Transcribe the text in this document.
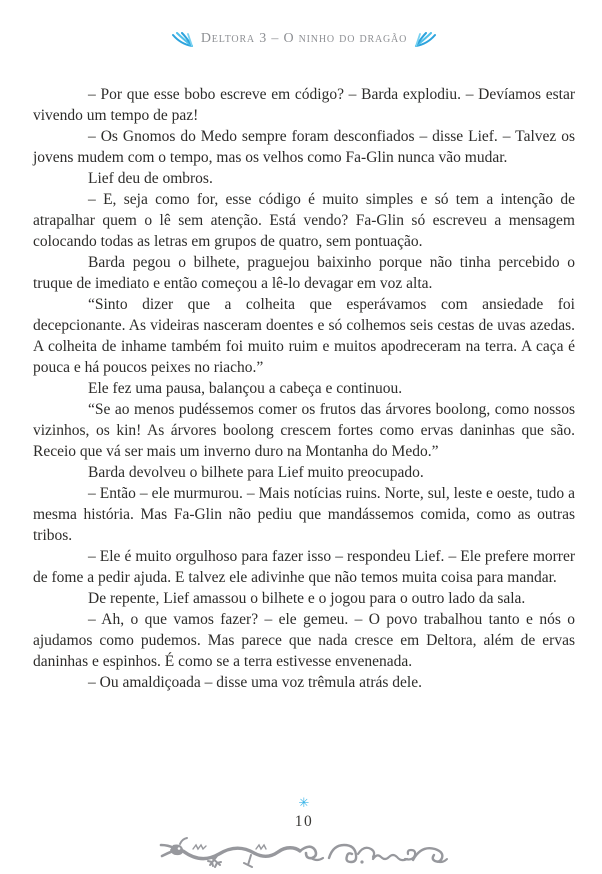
Deltora 3 – O ninho do dragão

– Por que esse bobo escreve em código? – Barda explodiu. – Devíamos estar vivendo um tempo de paz!

– Os Gnomos do Medo sempre foram desconfiados – disse Lief. – Talvez os jovens mudem com o tempo, mas os velhos como Fa-Glin nunca vão mudar.

Lief deu de ombros.

– E, seja como for, esse código é muito simples e só tem a intenção de atrapalhar quem o lê sem atenção. Está vendo? Fa-Glin só escreveu a mensagem colocando todas as letras em grupos de quatro, sem pontuação.

Barda pegou o bilhete, praguejou baixinho porque não tinha percebido o truque de imediato e então começou a lê-lo devagar em voz alta.

“Sinto dizer que a colheita que esperávamos com ansiedade foi decepcionante. As videiras nasceram doentes e só colhemos seis cestas de uvas azedas. A colheita de inhame também foi muito ruim e muitos apodreceram na terra. A caça é pouca e há poucos peixes no riacho.”

Ele fez uma pausa, balançou a cabeça e continuou.

“Se ao menos pudéssemos comer os frutos das árvores boolong, como nossos vizinhos, os kin! As árvores boolong crescem fortes como ervas daninhas que são. Receio que vá ser mais um inverno duro na Montanha do Medo.”

Barda devolveu o bilhete para Lief muito preocupado.

– Então – ele murmurou. – Mais notícias ruins. Norte, sul, leste e oeste, tudo a mesma história. Mas Fa-Glin não pediu que mandássemos comida, como as outras tribos.

– Ele é muito orgulhoso para fazer isso – respondeu Lief. – Ele prefere morrer de fome a pedir ajuda. E talvez ele adivinhe que não temos muita coisa para mandar.

De repente, Lief amassou o bilhete e o jogou para o outro lado da sala.

– Ah, o que vamos fazer? – ele gemeu. – O povo trabalhou tanto e nós o ajudamos como pudemos. Mas parece que nada cresce em Deltora, além de ervas daninhas e espinhos. É como se a terra estivesse envenenada.

– Ou amaldiçoada – disse uma voz trêmula atrás dele.

✳
10
